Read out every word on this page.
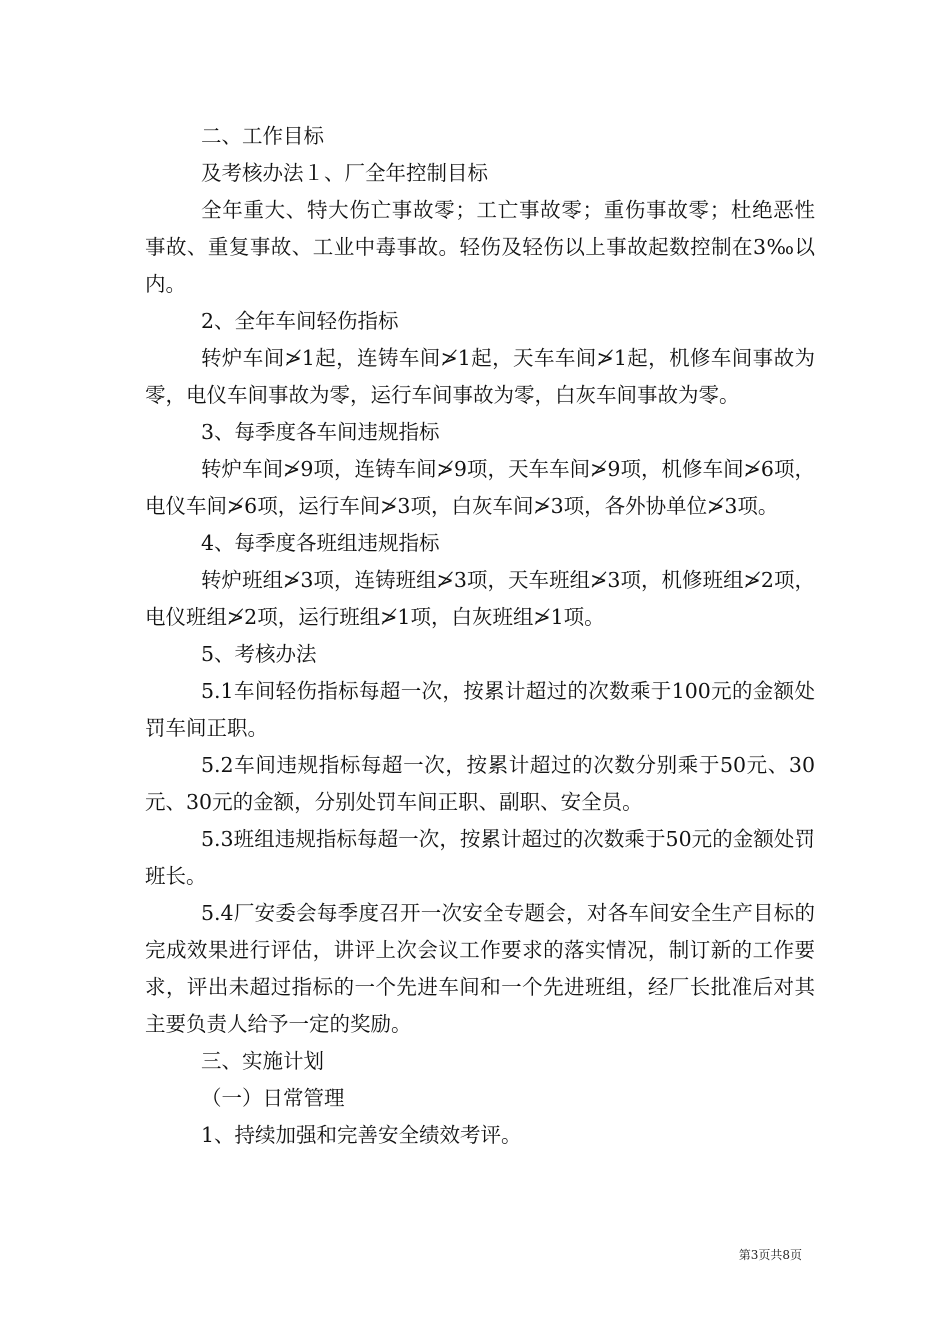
二、工作目标

及考核办法１、厂全年控制目标

全年重大、特大伤亡事故零；工亡事故零；重伤事故零；杜绝恶性事故、重复事故、工业中毒事故。轻伤及轻伤以上事故起数控制在3‰以内。

2、全年车间轻伤指标

转炉车间≯1起，连铸车间≯1起，天车车间≯1起，机修车间事故为零，电仪车间事故为零，运行车间事故为零，白灰车间事故为零。

3、每季度各车间违规指标

转炉车间≯9项，连铸车间≯9项，天车车间≯9项，机修车间≯6项，电仪车间≯6项，运行车间≯3项，白灰车间≯3项，各外协单位≯3项。

4、每季度各班组违规指标

转炉班组≯3项，连铸班组≯3项，天车班组≯3项，机修班组≯2项，电仪班组≯2项，运行班组≯1项，白灰班组≯1项。

5、考核办法

5.1车间轻伤指标每超一次，按累计超过的次数乘于100元的金额处罚车间正职。

5.2车间违规指标每超一次，按累计超过的次数分别乘于50元、30元、30元的金额，分别处罚车间正职、副职、安全员。

5.3班组违规指标每超一次，按累计超过的次数乘于50元的金额处罚班长。

5.4厂安委会每季度召开一次安全专题会，对各车间安全生产目标的完成效果进行评估，讲评上次会议工作要求的落实情况，制订新的工作要求，评出未超过指标的一个先进车间和一个先进班组，经厂长批准后对其主要负责人给予一定的奖励。

三、实施计划

（一）日常管理

1、持续加强和完善安全绩效考评。

第3页共8页
